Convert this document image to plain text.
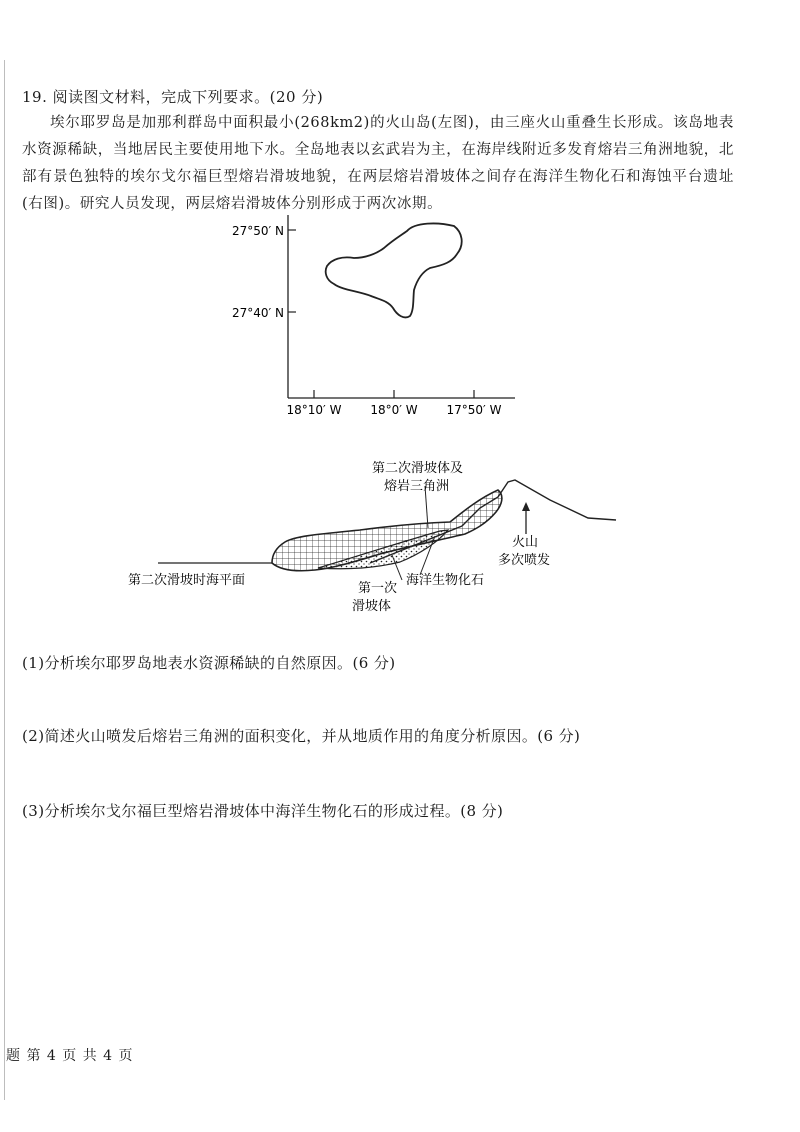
19. 阅读图文材料，完成下列要求。(20 分)
埃尔耶罗岛是加那利群岛中面积最小(268km2)的火山岛(左图)，由三座火山重叠生长形成。该岛地表水资源稀缺，当地居民主要使用地下水。全岛地表以玄武岩为主，在海岸线附近多发育熔岩三角洲地貌，北部有景色独特的埃尔戈尔福巨型熔岩滑坡地貌，在两层熔岩滑坡体之间存在海洋生物化石和海蚀平台遗址(右图)。研究人员发现，两层熔岩滑坡体分别形成于两次冰期。
27°50′ N
27°40′ N
18°10′ W 18°0′ W 17°50′ W
第二次滑坡体及
熔岩三角洲
火山
多次喷发
第二次滑坡时海平面
第一次
滑坡体
海洋生物化石
(1)分析埃尔耶罗岛地表水资源稀缺的自然原因。(6 分)
(2)简述火山喷发后熔岩三角洲的面积变化，并从地质作用的角度分析原因。(6 分)
(3)分析埃尔戈尔福巨型熔岩滑坡体中海洋生物化石的形成过程。(8 分)
题 第 4 页 共 4 页
